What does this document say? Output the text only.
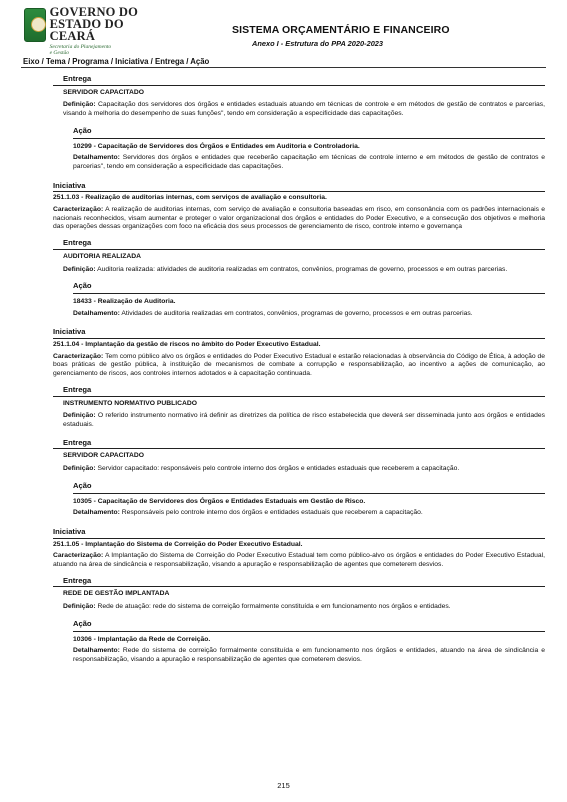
GOVERNO DO
ESTADO DO CEARÁ
Secretaria do Planejamento
e Gestão
SISTEMA ORÇAMENTÁRIO E FINANCEIRO
Anexo I - Estrutura do PPA 2020-2023
Eixo / Tema / Programa / Iniciativa / Entrega / Ação
Entrega
SERVIDOR CAPACITADO
Definição: Capacitação dos servidores dos órgãos e entidades estaduais atuando em técnicas de controle e em métodos de gestão de contratos e parcerias, visando à melhoria do desempenho de suas funções", tendo em consideração a especificidade das capacitações.
Ação
10299 - Capacitação de Servidores dos Órgãos e Entidades em Auditoria e Controladoria.
Detalhamento: Servidores dos órgãos e entidades que receberão capacitação em técnicas de controle interno e em métodos de gestão de contratos e parcerias", tendo em consideração a especificidade das capacitações.
Iniciativa
251.1.03 - Realização de auditorias internas, com serviços de avaliação e consultoria.
Caracterização: A realização de auditorias internas, com serviço de avaliação e consultoria baseadas em risco, em consonância com os padrões internacionais e nacionais reconhecidos, visam aumentar e proteger o valor organizacional dos órgãos e entidades do Poder Executivo, e a consecução dos objetivos e melhoria das operações dessas organizações com foco na eficácia dos seus processos de gerenciamento de risco, controle interno e governança
Entrega
AUDITORIA REALIZADA
Definição: Auditoria realizada: atividades de auditoria realizadas em contratos, convênios, programas de governo, processos e em outras parcerias.
Ação
18433 - Realização de Auditoria.
Detalhamento: Atividades de auditoria realizadas em contratos, convênios, programas de governo, processos e em outras parcerias.
Iniciativa
251.1.04 - Implantação da gestão de riscos no âmbito do Poder Executivo Estadual.
Caracterização: Tem como público alvo os órgãos e entidades do Poder Executivo Estadual e estarão relacionadas à observância do Código de Ética, à adoção de boas práticas de gestão pública, à instituição de mecanismos de combate a corrupção e responsabilização, ao incentivo a ações de comunicação, ao gerenciamento de riscos, aos controles internos adotados e à capacitação continuada.
Entrega
INSTRUMENTO NORMATIVO PUBLICADO
Definição: O referido instrumento normativo irá definir as diretrizes da política de risco estabelecida que deverá ser disseminada junto aos órgãos e entidades estaduais.
Entrega
SERVIDOR CAPACITADO
Definição: Servidor capacitado: responsáveis pelo controle interno dos órgãos e entidades estaduais que receberem a capacitação.
Ação
10305 - Capacitação de Servidores dos Órgãos e Entidades Estaduais em Gestão de Risco.
Detalhamento: Responsáveis pelo controle interno dos órgãos e entidades estaduais que receberem a capacitação.
Iniciativa
251.1.05 - Implantação do Sistema de Correição do Poder Executivo Estadual.
Caracterização: A Implantação do Sistema de Correição do Poder Executivo Estadual tem como público-alvo os órgãos e entidades do Poder Executivo Estadual, atuando na área de sindicância e responsabilização, visando a apuração e responsabilização de agentes que cometerem desvios.
Entrega
REDE DE GESTÃO IMPLANTADA
Definição: Rede de atuação: rede do sistema de correição formalmente constituída e em funcionamento nos órgãos e entidades.
Ação
10306 - Implantação da Rede de Correição.
Detalhamento: Rede do sistema de correição formalmente constituída e em funcionamento nos órgãos e entidades, atuando na área de sindicância e responsabilização, visando a apuração e responsabilização de agentes que cometerem desvios.
215
